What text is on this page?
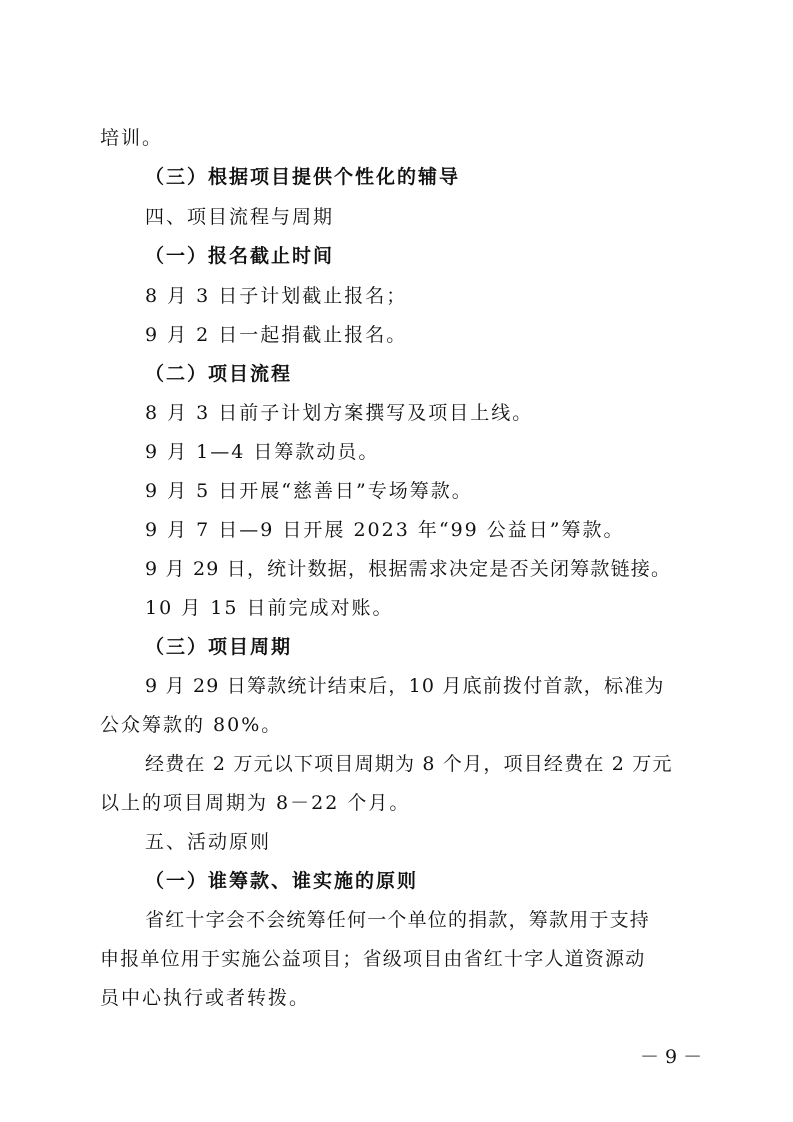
培训。
（三）根据项目提供个性化的辅导
四、项目流程与周期
（一）报名截止时间
8 月 3 日子计划截止报名；
9 月 2 日一起捐截止报名。
（二）项目流程
8 月 3 日前子计划方案撰写及项目上线。
9 月 1—4 日筹款动员。
9 月 5 日开展“慈善日”专场筹款。
9 月 7 日—9 日开展 2023 年“99 公益日”筹款。
9 月 29 日，统计数据，根据需求决定是否关闭筹款链接。
10 月 15 日前完成对账。
（三）项目周期
9 月 29 日筹款统计结束后，10 月底前拨付首款，标准为
公众筹款的 80%。
经费在 2 万元以下项目周期为 8 个月，项目经费在 2 万元
以上的项目周期为 8－22 个月。
五、活动原则
（一）谁筹款、谁实施的原则
省红十字会不会统筹任何一个单位的捐款，筹款用于支持
申报单位用于实施公益项目；省级项目由省红十字人道资源动
员中心执行或者转拨。
－ 9 －
